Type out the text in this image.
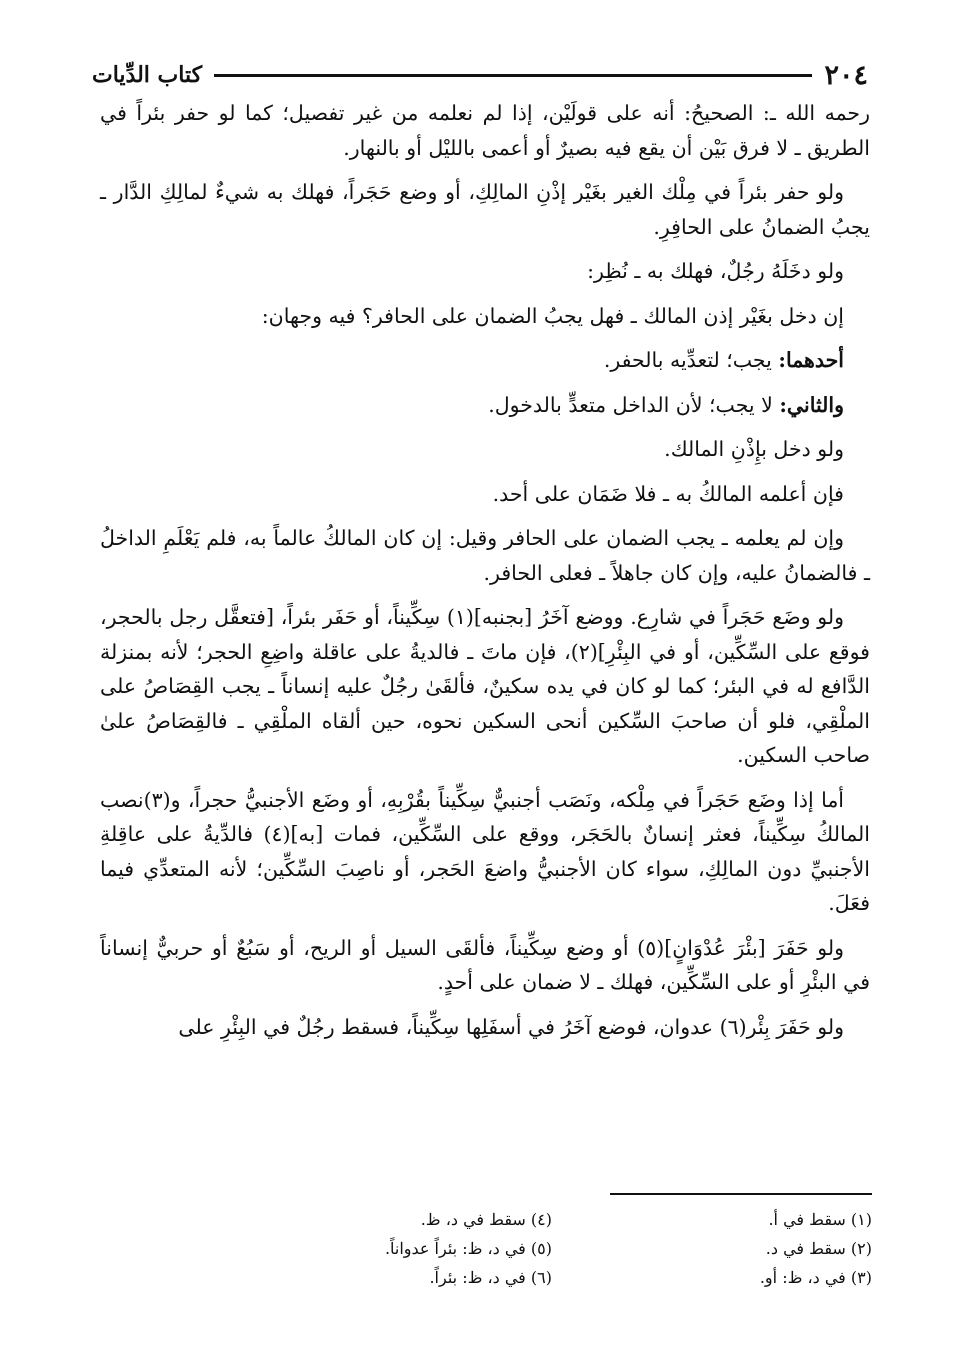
٢٠٤
كتاب الدِّيات

رحمه الله ـ: الصحيحُ: أنه على قولَيْن، إذا لم نعلمه من غير تفصيل؛ كما لو حفر بئراً في الطريق ـ لا فرق بَيْن أن يقع فيه بصيرٌ أو أعمى بالليْل أو بالنهار.

ولو حفر بئراً في مِلْك الغير بغَيْر إذْنِ المالِكِ، أو وضع حَجَراً، فهلك به شيءٌ لمالِكِ الدَّار ـ يجبُ الضمانُ على الحافِرِ.

ولو دخَلَهُ رجُلٌ، فهلك به ـ نُظِر:

إن دخل بغَيْر إذن المالك ـ فهل يجبُ الضمان على الحافر؟ فيه وجهان:

أحدهما: يجب؛ لتعدِّيه بالحفر.

والثاني: لا يجب؛ لأن الداخل متعدٍّ بالدخول.

ولو دخل بإِذْنِ المالك.

فإن أعلمه المالكُ به ـ فلا ضَمَان على أحد.

وإن لم يعلمه ـ يجب الضمان على الحافر وقيل: إن كان المالكُ عالماً به، فلم يَعْلَمِ الداخلُ ـ فالضمانُ عليه، وإن كان جاهلاً ـ فعلى الحافر.

ولو وضَع حَجَراً في شارِع. ووضع آخَرُ [بجنبه](١) سِكِّيناً، أو حَفَر بئراً، [فتعقَّل رجل بالحجر، فوقع على السِّكِّين، أو في البِئْرِ](٢)، فإن ماتَ ـ فالديةُ على عاقلة واضِعِ الحجر؛ لأنه بمنزلة الدَّافع له في البئر؛ كما لو كان في يده سكينٌ، فألقَىٰ رجُلٌ عليه إنساناً ـ يجب القِصَاصُ على الملْقِي، فلو أن صاحبَ السِّكين أنحى السكين نحوه، حين ألقاه الملْقِي ـ فالقِصَاصُ علىٰ صاحب السكين.

أما إذا وضَع حَجَراً في مِلْكه، ونَصَب أجنبيٌّ سِكِّيناً بقُرْبِهِ، أو وضَع الأجنبيُّ حجراً، و(٣)نصب المالكُ سِكِّيناً، فعثر إنسانٌ بالحَجَر، ووقع على السِّكِّين، فمات [به](٤) فالدِّيةُ على عاقِلةِ الأجنبيِّ دون المالِكِ، سواء كان الأجنبيُّ واضعَ الحَجر، أو ناصِبَ السِّكِّين؛ لأنه المتعدِّي فيما فعَلَ.

ولو حَفَرَ [بئْرَ عُدْوَانٍ](٥) أو وضع سِكِّيناً، فألقَى السيل أو الريح، أو سَبُعٌ أو حربيٌّ إنساناً في البئْرِ أو على السِّكِّين، فهلك ـ لا ضمان على أحدٍ.

ولو حَفَرَ بِئْر(٦) عدوان، فوضع آخَرُ في أسفَلِها سِكِّيناً، فسقط رجُلٌ في البِئْرِ على

(١) سقط في أ.
(٢) سقط في د.
(٣) في د، ظ: أو.
(٤) سقط في د، ظ.
(٥) في د، ظ: بئراً عدواناً.
(٦) في د، ظ: بئراً.
